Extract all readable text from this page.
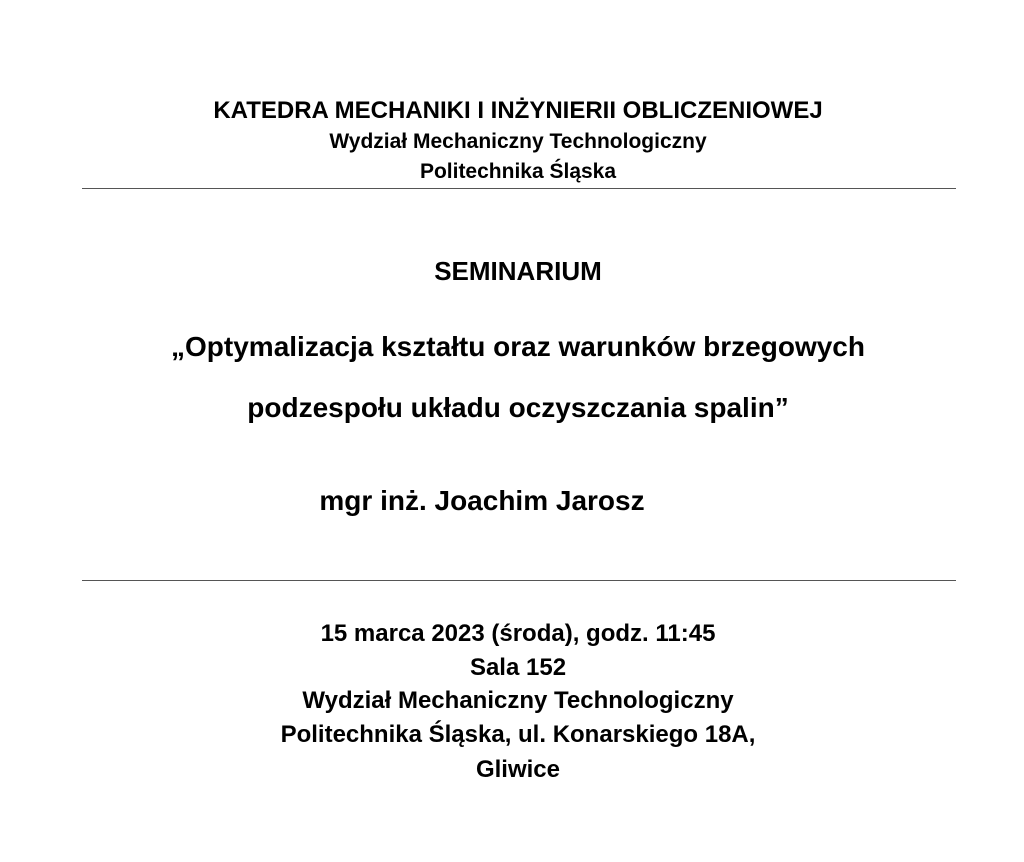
KATEDRA MECHANIKI I INŻYNIERII OBLICZENIOWEJ
Wydział Mechaniczny Technologiczny
Politechnika Śląska
SEMINARIUM
„Optymalizacja kształtu oraz warunków brzegowych
podzespołu układu oczyszczania spalin”
mgr inż. Joachim Jarosz
15 marca 2023 (środa), godz. 11:45
Sala 152
Wydział Mechaniczny Technologiczny
Politechnika Śląska, ul. Konarskiego 18A,
Gliwice
